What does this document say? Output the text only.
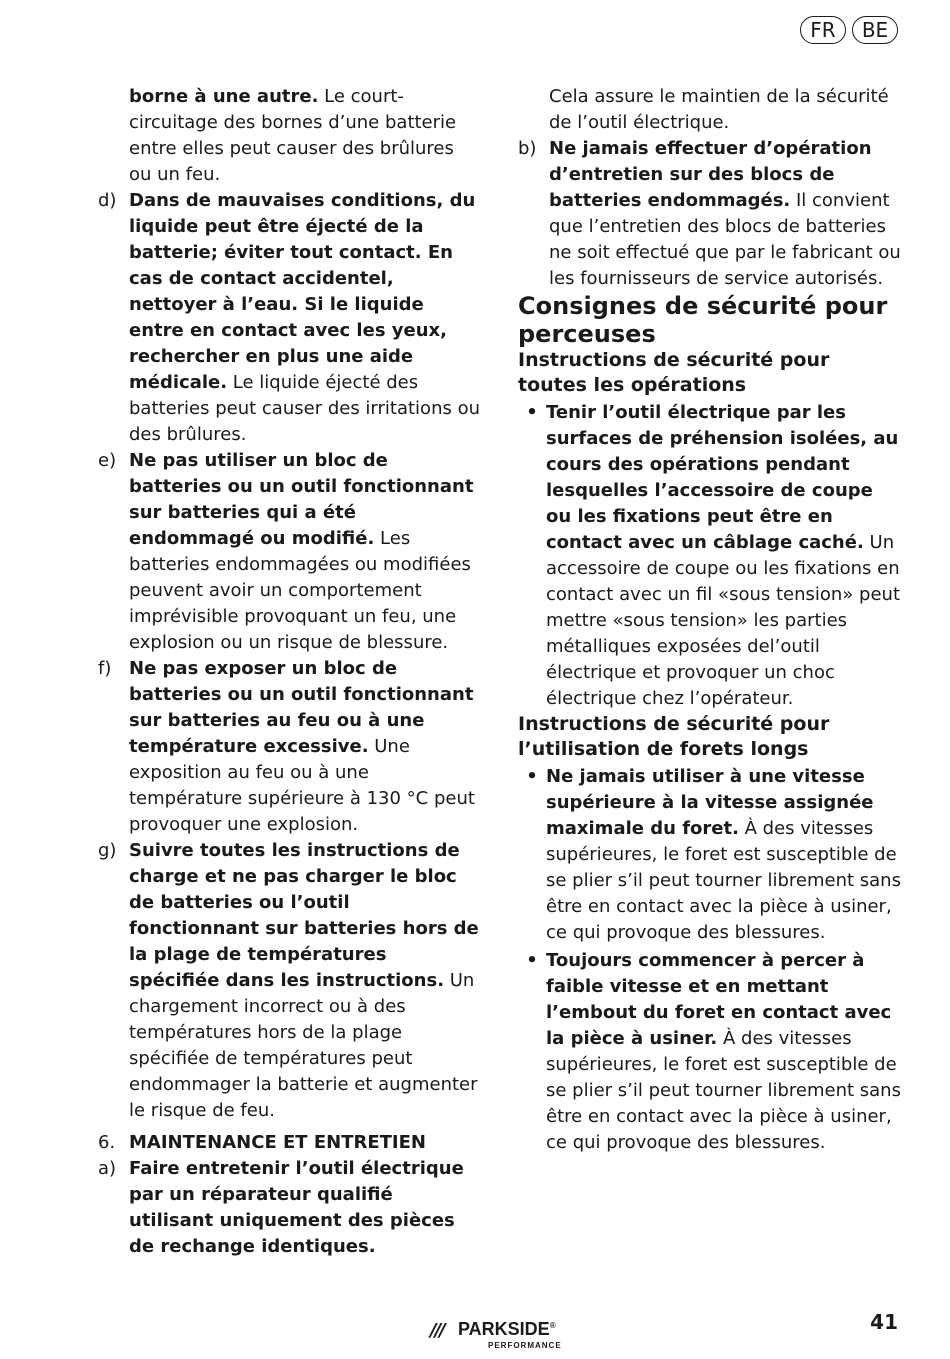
FR	BE
borne à une autre. Le court-circuitage des bornes d’une batterie entre elles peut causer des brûlures ou un feu.
d) Dans de mauvaises conditions, du liquide peut être éjecté de la batterie; éviter tout contact. En cas de contact accidentel, nettoyer à l’eau. Si le liquide entre en contact avec les yeux, rechercher en plus une aide médicale. Le liquide éjecté des batteries peut causer des irritations ou des brûlures.
e) Ne pas utiliser un bloc de batteries ou un outil fonctionnant sur batteries qui a été endommagé ou modifié. Les batteries endommagées ou modifiées peuvent avoir un comportement imprévisible provoquant un feu, une explosion ou un risque de blessure.
f) Ne pas exposer un bloc de batteries ou un outil fonctionnant sur batteries au feu ou à une température excessive. Une exposition au feu ou à une température supérieure à 130 °C peut provoquer une explosion.
g) Suivre toutes les instructions de charge et ne pas charger le bloc de batteries ou l’outil fonctionnant sur batteries hors de la plage de températures spécifiée dans les instructions. Un chargement incorrect ou à des températures hors de la plage spécifiée de températures peut endommager la batterie et augmenter le risque de feu.
6. MAINTENANCE ET ENTRETIEN
a) Faire entretenir l’outil électrique par un réparateur qualifié utilisant uniquement des pièces de rechange identiques.
Cela assure le maintien de la sécurité de l’outil électrique.
b) Ne jamais effectuer d’opération d’entretien sur des blocs de batteries endommagés. Il convient que l’entretien des blocs de batteries ne soit effectué que par le fabricant ou les fournisseurs de service autorisés.

Consignes de sécurité pour perceuses

Instructions de sécurité pour toutes les opérations

• Tenir l’outil électrique par les surfaces de préhension isolées, au cours des opérations pendant lesquelles l’accessoire de coupe ou les fixations peut être en contact avec un câblage caché. Un accessoire de coupe ou les fixations en contact avec un fil «sous tension» peut mettre «sous tension» les parties métalliques exposées del’outil électrique et provoquer un choc électrique chez l’opérateur.

Instructions de sécurité pour l’utilisation de forets longs

• Ne jamais utiliser à une vitesse supérieure à la vitesse assignée maximale du foret. À des vitesses supérieures, le foret est susceptible de se plier s’il peut tourner librement sans être en contact avec la pièce à usiner, ce qui provoque des blessures.
• Toujours commencer à percer à faible vitesse et en mettant l’embout du foret en contact avec la pièce à usiner. À des vitesses supérieures, le foret est susceptible de se plier s’il peut tourner librement sans être en contact avec la pièce à usiner, ce qui provoque des blessures.
/// PARKSIDE®
PERFORMANCE
41
